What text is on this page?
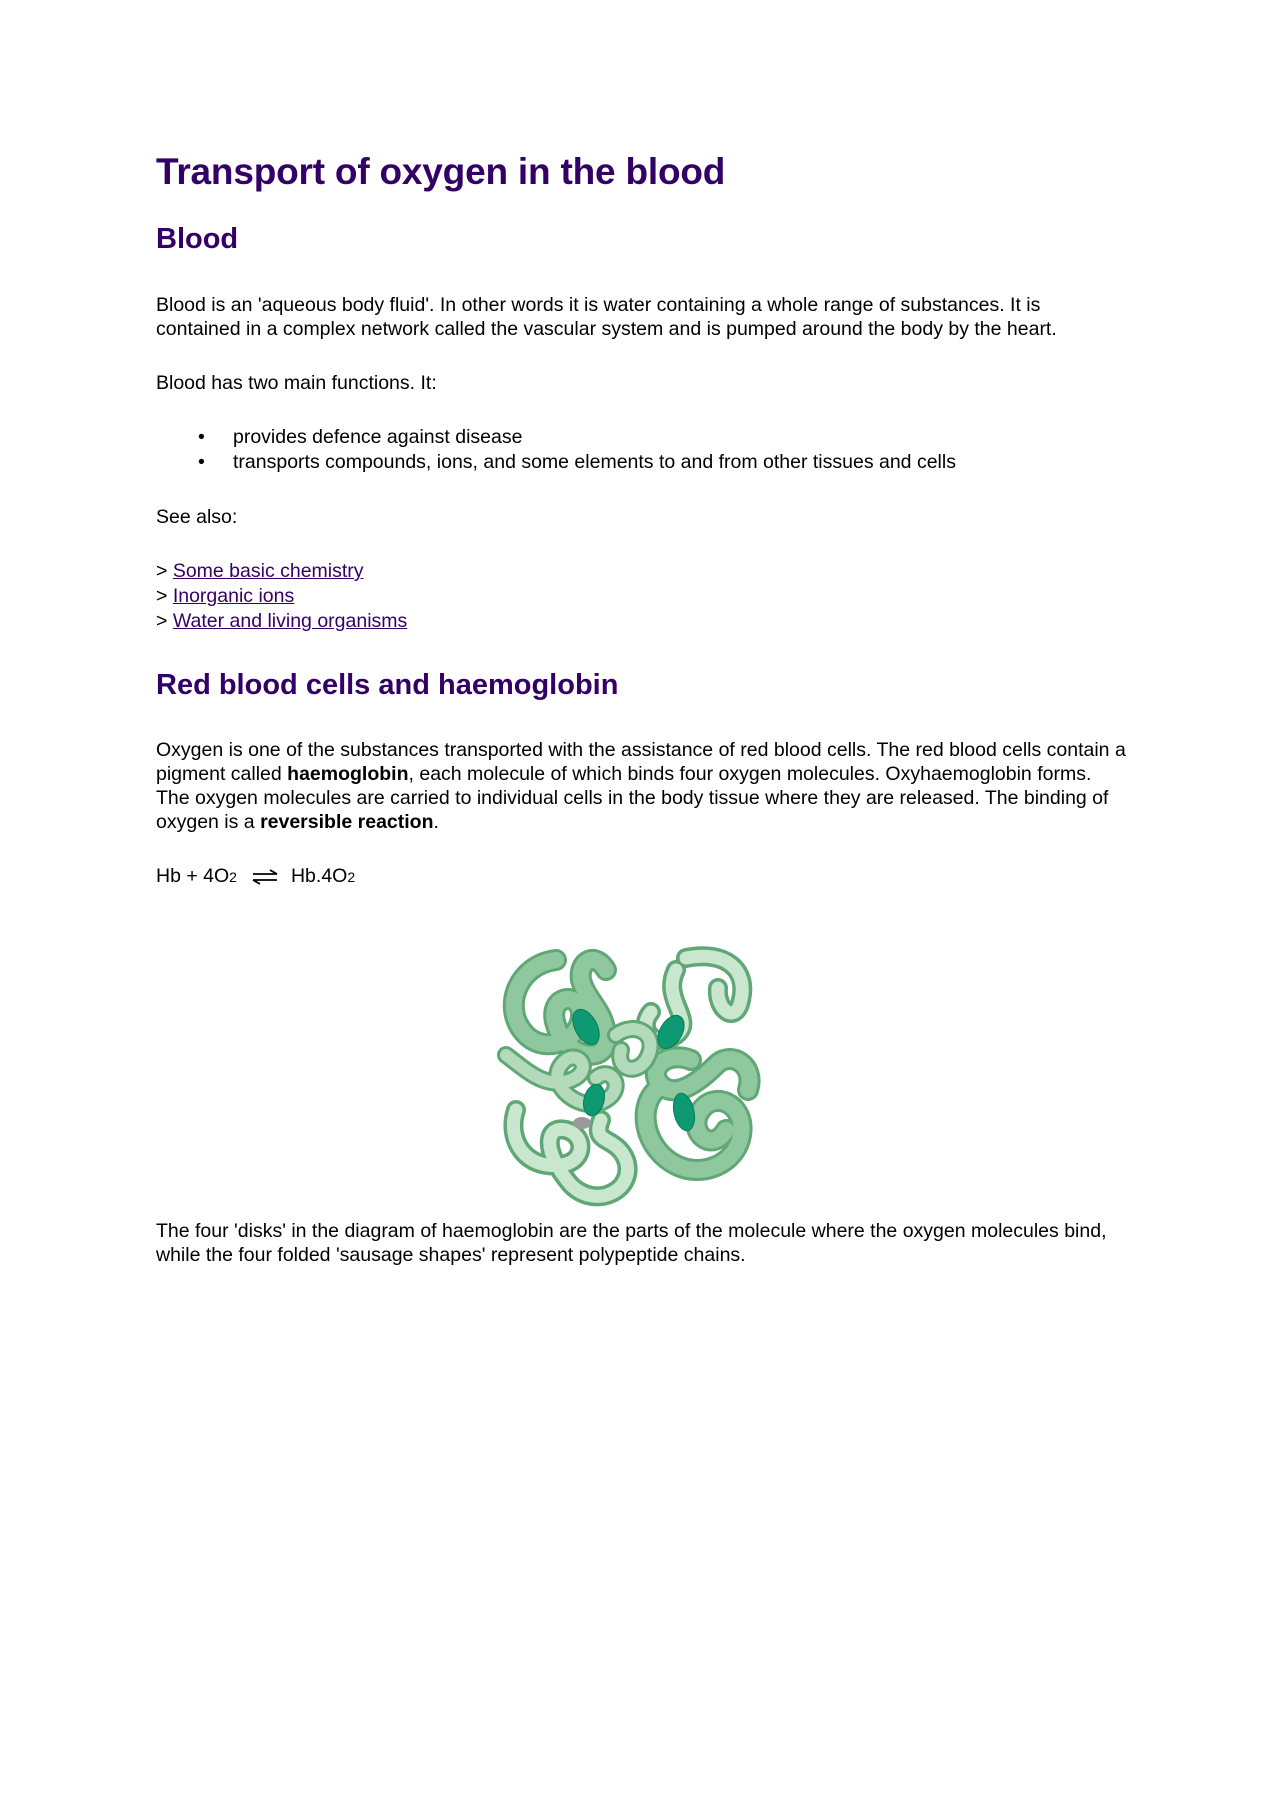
Transport of oxygen in the blood
Blood

Blood is an 'aqueous body fluid'. In other words it is water containing a whole range of substances. It is contained in a complex network called the vascular system and is pumped around the body by the heart.

Blood has two main functions. It:

• provides defence against disease
• transports compounds, ions, and some elements to and from other tissues and cells

See also:

> Some basic chemistry
> Inorganic ions
> Water and living organisms
Red blood cells and haemoglobin

Oxygen is one of the substances transported with the assistance of red blood cells. The red blood cells contain a pigment called haemoglobin, each molecule of which binds four oxygen molecules. Oxyhaemoglobin forms. The oxygen molecules are carried to individual cells in the body tissue where they are released. The binding of oxygen is a reversible reaction.

Hb + 4O2 ⇌ Hb.4O2

The four 'disks' in the diagram of haemoglobin are the parts of the molecule where the oxygen molecules bind, while the four folded 'sausage shapes' represent polypeptide chains.
